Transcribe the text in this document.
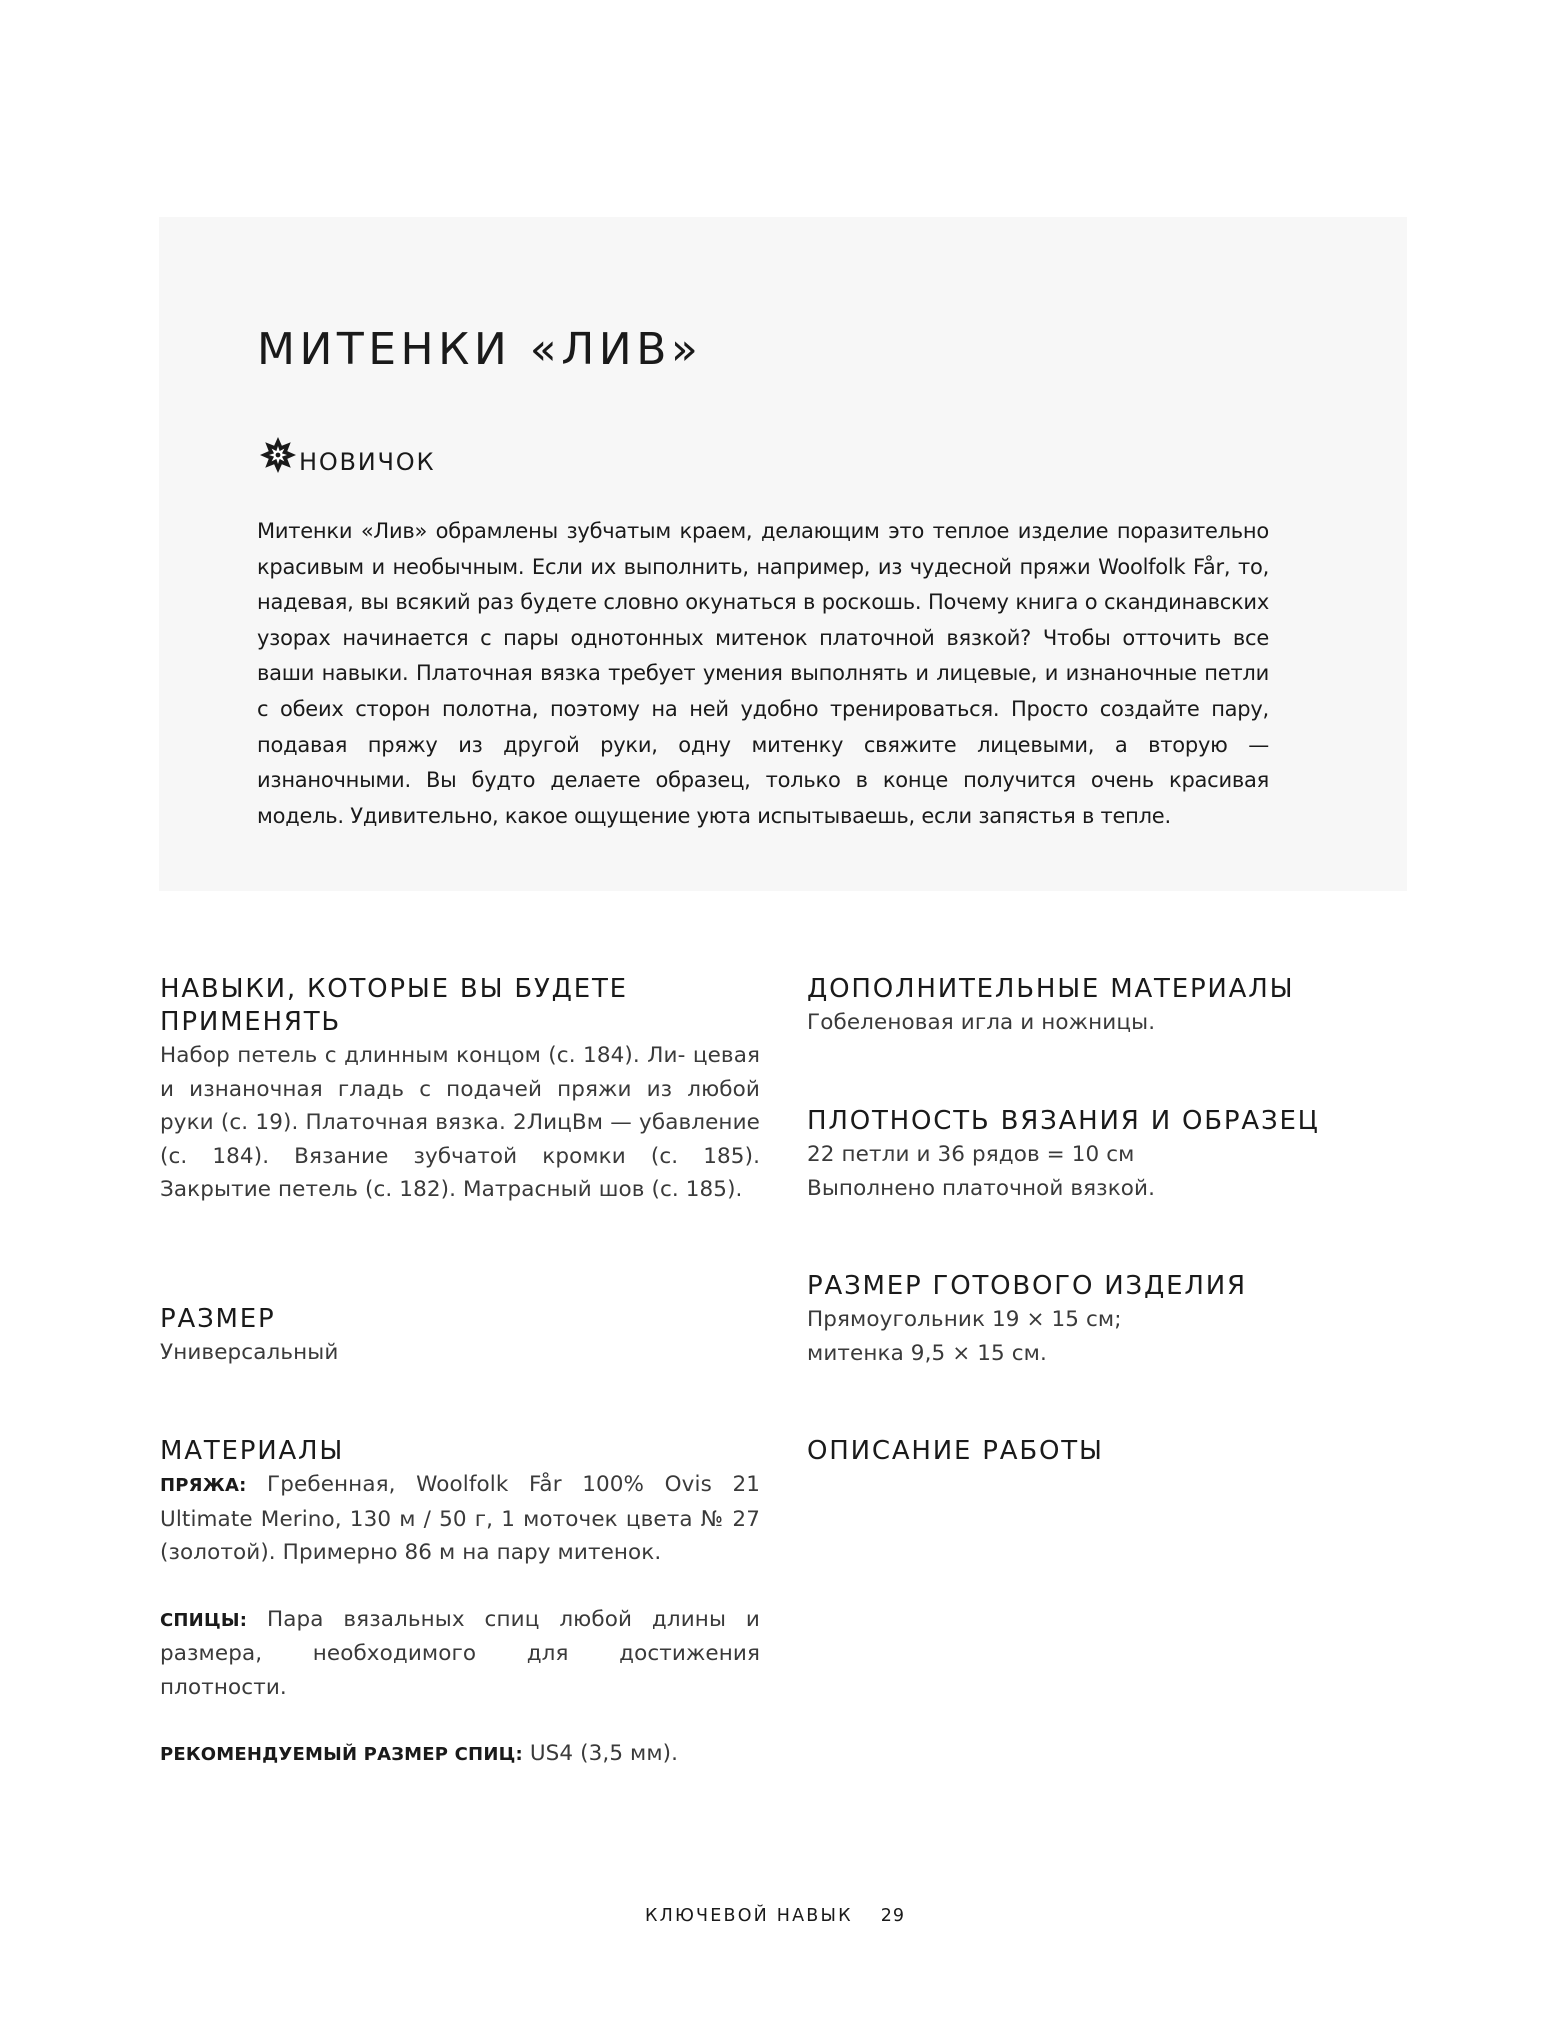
МИТЕНКИ «ЛИВ»
НОВИЧОК

Митенки «Лив» обрамлены зубчатым краем, делающим это теплое изделие поразительно красивым и необычным. Если их выполнить, например, из чудесной пряжи Woolfolk Får, то, надевая, вы всякий раз будете словно окунаться в роскошь. Почему книга о скандинавских узорах начинается с пары однотонных митенок платочной вязкой? Чтобы отточить все ваши навыки. Платочная вязка требует умения выполнять и лицевые, и изнаночные петли с обеих сторон полотна, поэтому на ней удобно тренироваться. Просто создайте пару, подавая пряжу из другой руки, одну митенку свяжите лицевыми, а вторую — изнаночными. Вы будто делаете образец, только в конце получится очень красивая модель. Удивительно, какое ощущение уюта испытываешь, если запястья в тепле.

НАВЫКИ, КОТОРЫЕ ВЫ БУДЕТЕ
ПРИМЕНЯТЬ

Набор петель с длинным концом (с. 184). Ли- цевая и изнаночная гладь с подачей пряжи из любой руки (с. 19). Платочная вязка. 2ЛицВм — убавление (с. 184). Вязание зубчатой кромки (с. 185). Закрытие петель (с. 182). Матрасный шов (с. 185).

РАЗМЕР

Универсальный

МАТЕРИАЛЫ

ПРЯЖА: Гребенная, Woolfolk Får 100% Ovis 21 Ultimate Merino, 130 м / 50 г, 1 моточек цвета № 27 (золотой). Примерно 86 м на пару митенок.

СПИЦЫ: Пара вязальных спиц любой длины и размера, необходимого для достижения плотности.

РЕКОМЕНДУЕМЫЙ РАЗМЕР СПИЦ: US4 (3,5 мм).

ДОПОЛНИТЕЛЬНЫЕ МАТЕРИАЛЫ

Гобеленовая игла и ножницы.

ПЛОТНОСТЬ ВЯЗАНИЯ И ОБРАЗЕЦ

22 петли и 36 рядов = 10 см
Выполнено платочной вязкой.

РАЗМЕР ГОТОВОГО ИЗДЕЛИЯ

Прямоугольник 19 × 15 см;
митенка 9,5 × 15 см.

ОПИСАНИЕ РАБОТЫ
КЛЮЧЕВОЙ НАВЫК 29
